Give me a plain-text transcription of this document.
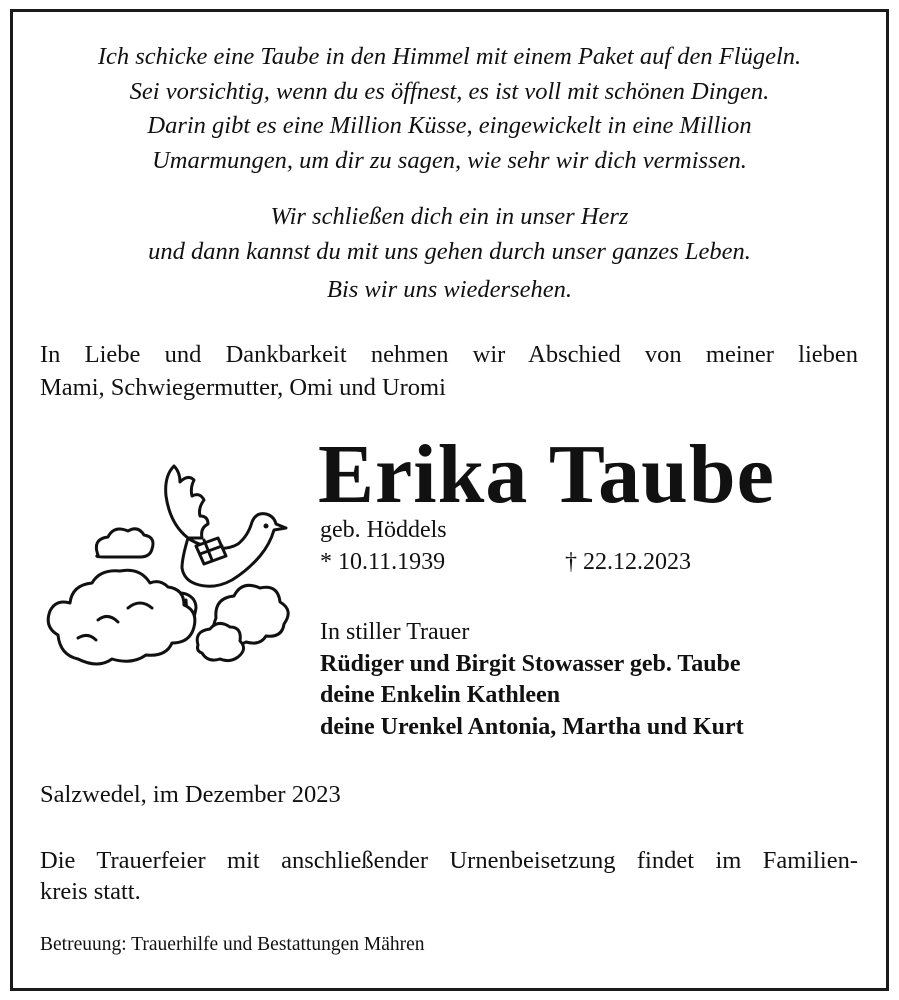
Ich schicke eine Taube in den Himmel mit einem Paket auf den Flügeln.
Sei vorsichtig, wenn du es öffnest, es ist voll mit schönen Dingen.
Darin gibt es eine Million Küsse, eingewickelt in eine Million
Umarmungen, um dir zu sagen, wie sehr wir dich vermissen.
Wir schließen dich ein in unser Herz
und dann kannst du mit uns gehen durch unser ganzes Leben.
Bis wir uns wiedersehen.
In Liebe und Dankbarkeit nehmen wir Abschied von meiner lieben
Mami, Schwiegermutter, Omi und Uromi
Erika Taube
geb. Höddels
* 10.11.1939	† 22.12.2023
In stiller Trauer
Rüdiger und Birgit Stowasser geb. Taube
deine Enkelin Kathleen
deine Urenkel Antonia, Martha und Kurt
Salzwedel, im Dezember 2023
Die Trauerfeier mit anschließender Urnenbeisetzung findet im Familien-
kreis statt.
Betreuung: Trauerhilfe und Bestattungen Mähren
